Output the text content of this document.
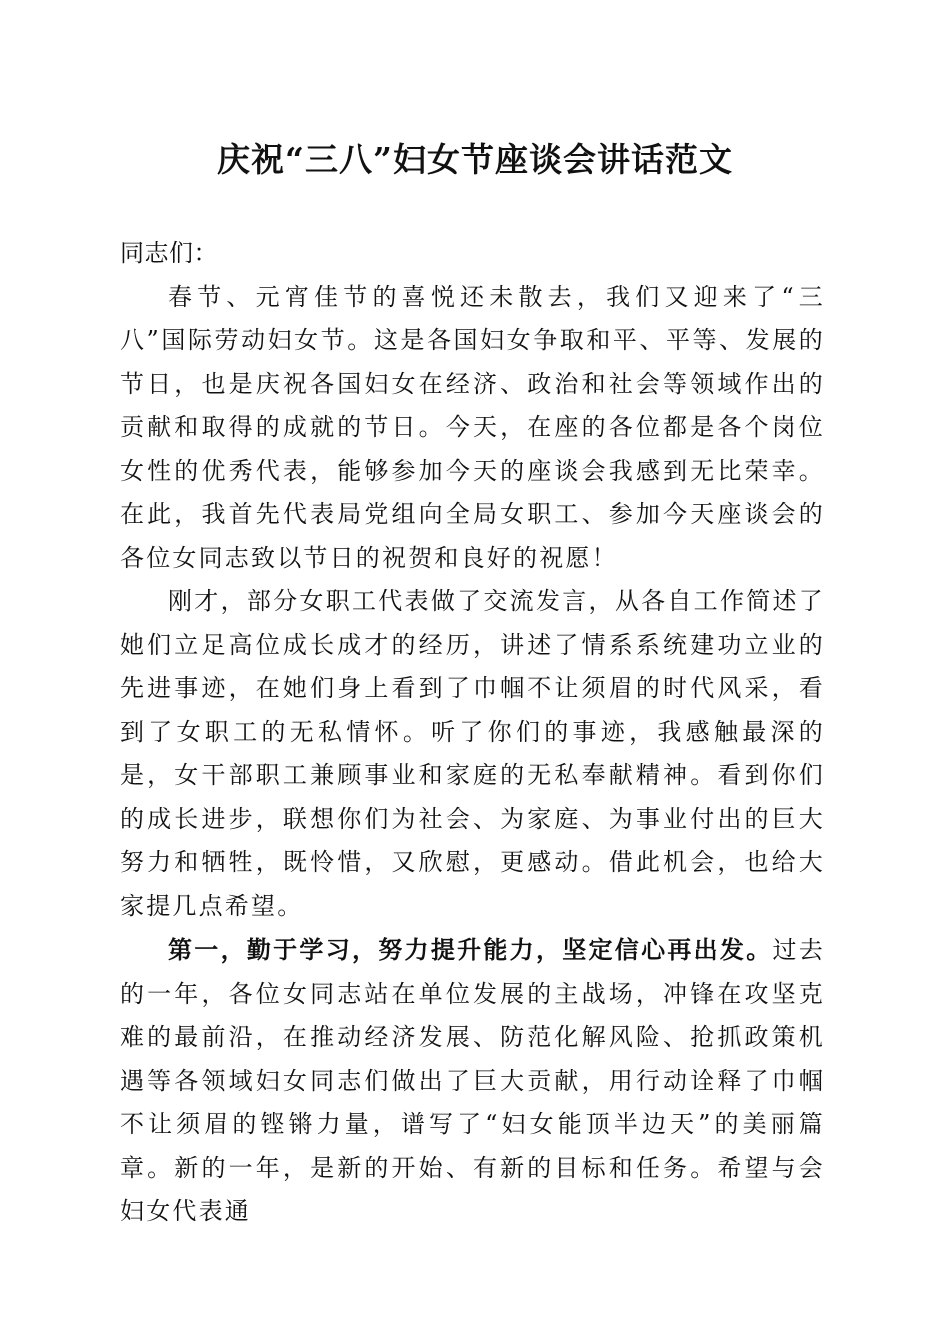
庆祝“三八”妇女节座谈会讲话范文

同志们：

春节、元宵佳节的喜悦还未散去，我们又迎来了“三八”国际劳动妇女节。这是各国妇女争取和平、平等、发展的节日，也是庆祝各国妇女在经济、政治和社会等领域作出的贡献和取得的成就的节日。今天，在座的各位都是各个岗位女性的优秀代表，能够参加今天的座谈会我感到无比荣幸。在此，我首先代表局党组向全局女职工、参加今天座谈会的各位女同志致以节日的祝贺和良好的祝愿！

刚才，部分女职工代表做了交流发言，从各自工作简述了她们立足高位成长成才的经历，讲述了情系系统建功立业的先进事迹，在她们身上看到了巾帼不让须眉的时代风采，看到了女职工的无私情怀。听了你们的事迹，我感触最深的是，女干部职工兼顾事业和家庭的无私奉献精神。看到你们的成长进步，联想你们为社会、为家庭、为事业付出的巨大努力和牺牲，既怜惜，又欣慰，更感动。借此机会，也给大家提几点希望。

第一，勤于学习，努力提升能力，坚定信心再出发。过去的一年，各位女同志站在单位发展的主战场，冲锋在攻坚克难的最前沿，在推动经济发展、防范化解风险、抢抓政策机遇等各领域妇女同志们做出了巨大贡献，用行动诠释了巾帼不让须眉的铿锵力量，谱写了“妇女能顶半边天”的美丽篇章。新的一年，是新的开始、有新的目标和任务。希望与会妇女代表通
